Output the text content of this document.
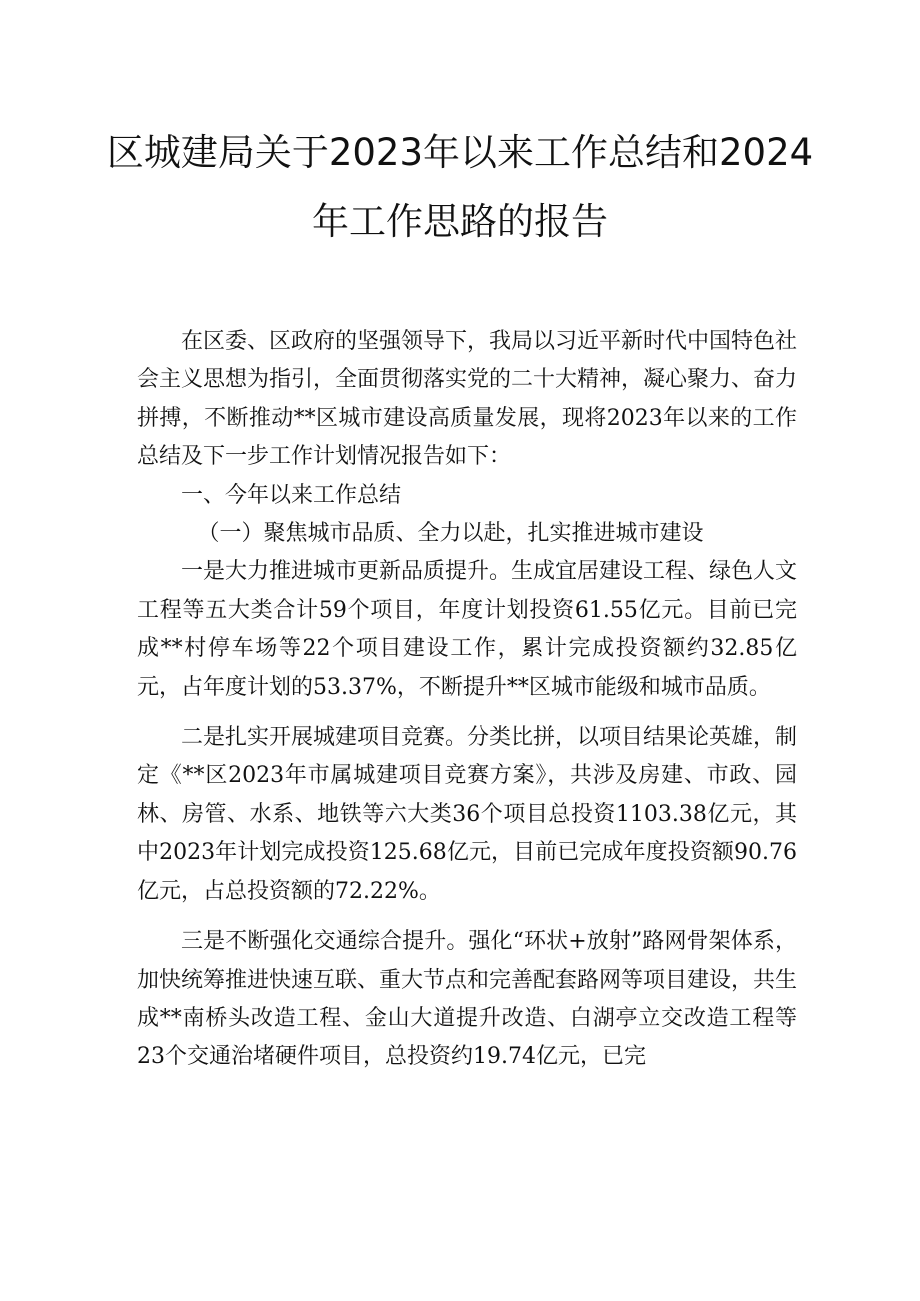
区城建局关于2023年以来工作总结和2024
年工作思路的报告

在区委、区政府的坚强领导下，我局以习近平新时代中国特色社会主义思想为指引，全面贯彻落实党的二十大精神，凝心聚力、奋力拼搏，不断推动**区城市建设高质量发展，现将2023年以来的工作总结及下一步工作计划情况报告如下：

一、今年以来工作总结

（一）聚焦城市品质、全力以赴，扎实推进城市建设

一是大力推进城市更新品质提升。生成宜居建设工程、绿色人文工程等五大类合计59个项目，年度计划投资61.55亿元。目前已完成**村停车场等22个项目建设工作，累计完成投资额约32.85亿元，占年度计划的53.37%，不断提升**区城市能级和城市品质。

二是扎实开展城建项目竞赛。分类比拼，以项目结果论英雄，制定《**区2023年市属城建项目竞赛方案》，共涉及房建、市政、园林、房管、水系、地铁等六大类36个项目总投资1103.38亿元，其中2023年计划完成投资125.68亿元，目前已完成年度投资额90.76亿元，占总投资额的72.22%。

三是不断强化交通综合提升。强化“环状+放射”路网骨架体系，加快统筹推进快速互联、重大节点和完善配套路网等项目建设，共生成**南桥头改造工程、金山大道提升改造、白湖亭立交改造工程等23个交通治堵硬件项目，总投资约19.74亿元，已完
